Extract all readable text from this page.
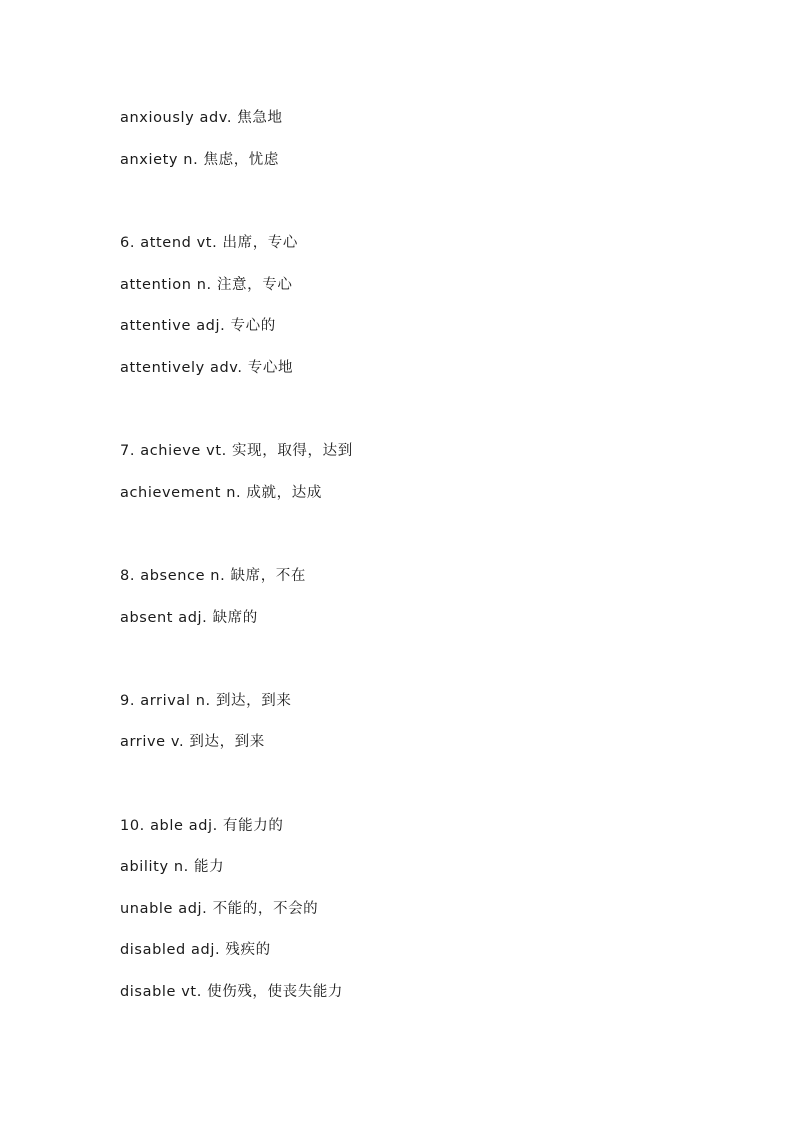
anxiously adv. 焦急地
anxiety n. 焦虑，忧虑
6. attend vt. 出席，专心
attention n. 注意，专心
attentive adj. 专心的
attentively adv. 专心地
7. achieve vt. 实现，取得，达到
achievement n. 成就，达成
8. absence n. 缺席，不在
absent adj. 缺席的
9. arrival n. 到达，到来
arrive v. 到达，到来
10. able adj. 有能力的
ability n. 能力
unable adj. 不能的，不会的
disabled adj. 残疾的
disable vt. 使伤残，使丧失能力
